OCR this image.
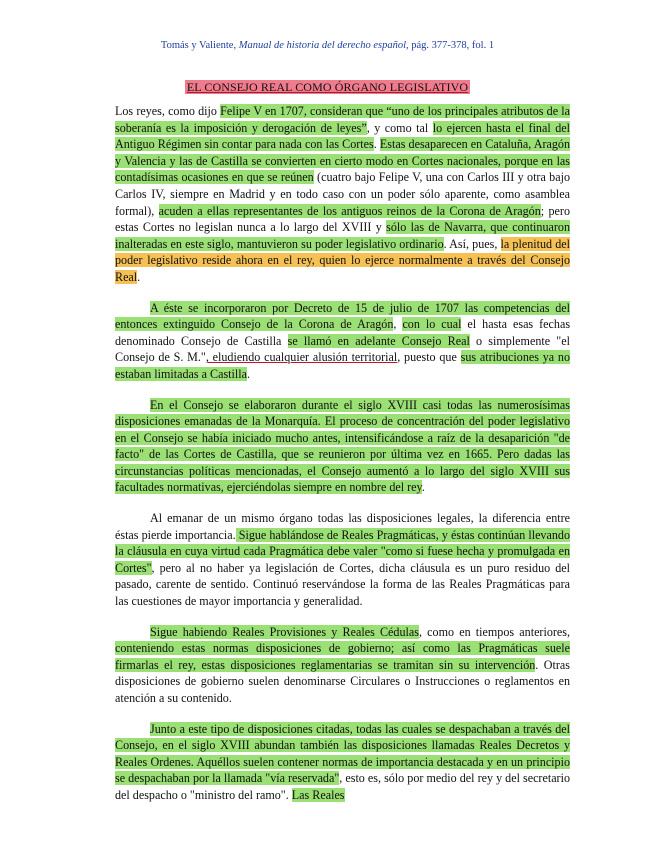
Tomás y Valiente, Manual de historia del derecho español, pág. 377-378, fol. 1
EL CONSEJO REAL COMO ÓRGANO LEGISLATIVO

Los reyes, como dijo Felipe V en 1707, consideran que “uno de los principales atributos de la soberanía es la imposición y derogación de leyes”, y como tal lo ejercen hasta el final del Antiguo Régimen sin contar para nada con las Cortes. Estas desaparecen en Cataluña, Aragón y Valencia y las de Castilla se convierten en cierto modo en Cortes nacionales, porque en las contadísimas ocasiones en que se reúnen (cuatro bajo Felipe V, una con Carlos III y otra bajo Carlos IV, siempre en Madrid y en todo caso con un poder sólo aparente, como asamblea formal), acuden a ellas representantes de los antiguos reinos de la Corona de Aragón; pero estas Cortes no legislan nunca a lo largo del XVIII y sólo las de Navarra, que continuaron inalteradas en este siglo, mantuvieron su poder legislativo ordinario. Así, pues, la plenitud del poder legislativo reside ahora en el rey, quien lo ejerce normalmente a través del Consejo Real.

A éste se incorporaron por Decreto de 15 de julio de 1707 las competencias del entonces extinguido Consejo de la Corona de Aragón, con lo cual el hasta esas fechas denominado Consejo de Castilla se llamó en adelante Consejo Real o simplemente "el Consejo de S. M.", eludiendo cualquier alusión territorial, puesto que sus atribuciones ya no estaban limitadas a Castilla.

En el Consejo se elaboraron durante el siglo XVIII casi todas las numerosísimas disposiciones emanadas de la Monarquía. El proceso de concentración del poder legislativo en el Consejo se había iniciado mucho antes, intensificándose a raíz de la desaparición "de facto" de las Cortes de Castilla, que se reunieron por última vez en 1665. Pero dadas las circunstancias políticas mencionadas, el Consejo aumentó a lo largo del siglo XVIII sus facultades normativas, ejerciéndolas siempre en nombre del rey.

Al emanar de un mismo órgano todas las disposiciones legales, la diferencia entre éstas pierde importancia. Sigue hablándose de Reales Pragmáticas, y éstas continúan llevando la cláusula en cuya virtud cada Pragmática debe valer "como si fuese hecha y promulgada en Cortes", pero al no haber ya legislación de Cortes, dicha cláusula es un puro residuo del pasado, carente de sentido. Continuó reservándose la forma de las Reales Pragmáticas para las cuestiones de mayor importancia y generalidad.

Sigue habiendo Reales Provisiones y Reales Cédulas, como en tiempos anteriores, conteniendo estas normas disposiciones de gobierno; así como las Pragmáticas suele firmarlas el rey, estas disposiciones reglamentarias se tramitan sin su intervención. Otras disposiciones de gobierno suelen denominarse Circulares o Instrucciones o reglamentos en atención a su contenido.

Junto a este tipo de disposiciones citadas, todas las cuales se despachaban a través del Consejo, en el siglo XVIII abundan también las disposiciones llamadas Reales Decretos y Reales Ordenes. Aquéllos suelen contener normas de importancia destacada y en un principio se despachaban por la llamada "vía reservada", esto es, sólo por medio del rey y del secretario del despacho o "ministro del ramo". Las Reales
